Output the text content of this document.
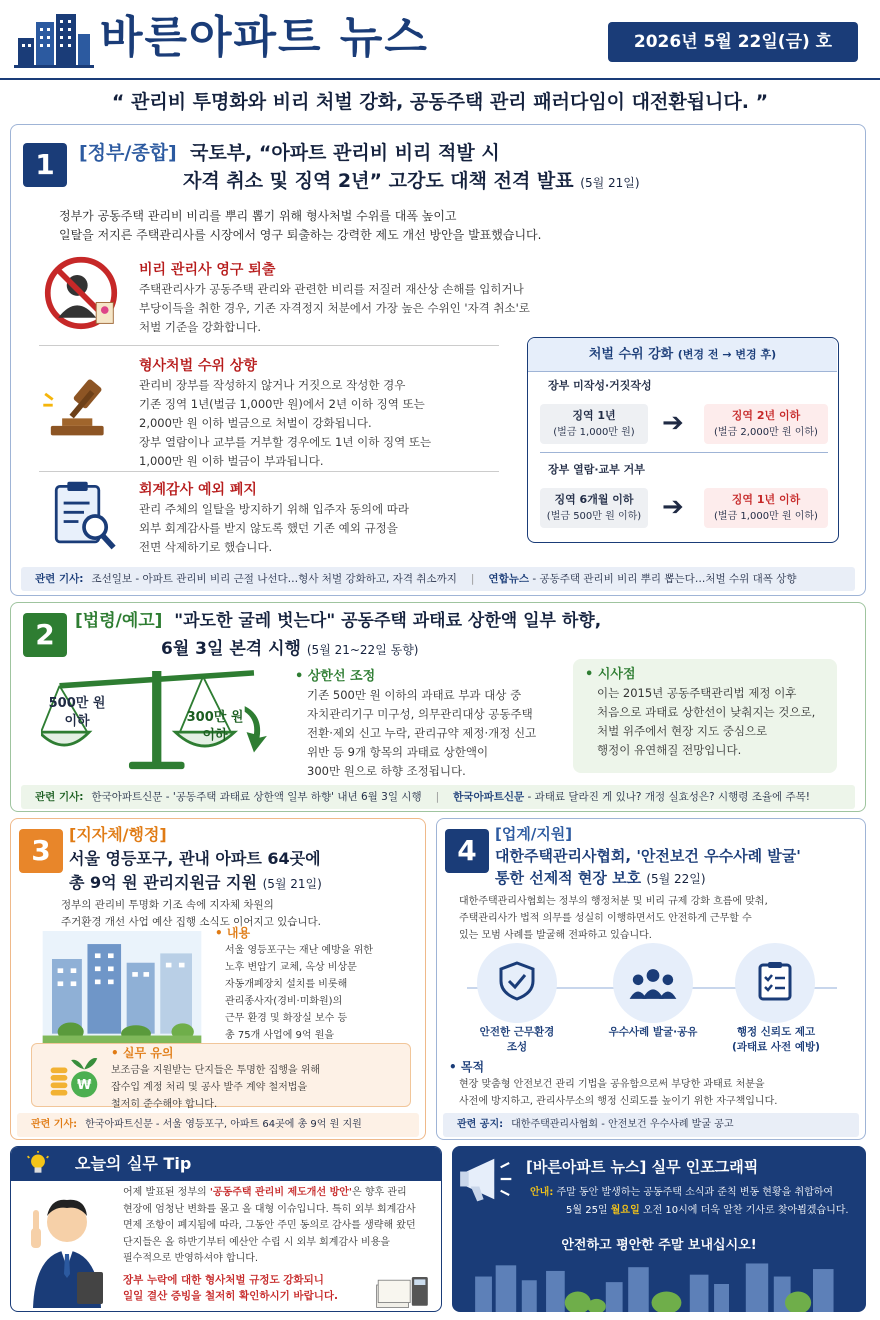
바른아파트 뉴스	2026년 5월 22일(금) 호
“ 관리비 투명화와 비리 처벌 강화, 공동주택 관리 패러다임이 대전환됩니다. ”
1	[정부/종합] 국토부, “아파트 관리비 비리 적발 시
자격 취소 및 징역 2년” 고강도 대책 전격 발표 (5월 21일)
정부가 공동주택 관리비 비리를 뿌리 뽑기 위해 형사처벌 수위를 대폭 높이고
일탈을 저지른 주택관리사를 시장에서 영구 퇴출하는 강력한 제도 개선 방안을 발표했습니다.
비리 관리사 영구 퇴출
주택관리사가 공동주택 관리와 관련한 비리를 저질러 재산상 손해를 입히거나
부당이득을 취한 경우, 기존 자격정지 처분에서 가장 높은 수위인 '자격 취소'로
처벌 기준을 강화합니다.
형사처벌 수위 상향
관리비 장부를 작성하지 않거나 거짓으로 작성한 경우
기존 징역 1년(벌금 1,000만 원)에서 2년 이하 징역 또는
2,000만 원 이하 벌금으로 처벌이 강화됩니다.
장부 열람이나 교부를 거부할 경우에도 1년 이하 징역 또는
1,000만 원 이하 벌금이 부과됩니다.
회계감사 예외 폐지
관리 주체의 일탈을 방지하기 위해 입주자 동의에 따라
외부 회계감사를 받지 않도록 했던 기존 예외 규정을
전면 삭제하기로 했습니다.
처벌 수위 강화 (변경 전 → 변경 후)
장부 미작성·거짓작성
징역 1년
(벌금 1,000만 원)	➔	징역 2년 이하
(벌금 2,000만 원 이하)
장부 열람·교부 거부
징역 6개월 이하
(벌금 500만 원 이하) ➔	징역 1년 이하
(벌금 1,000만 원 이하)
관련 기사: 조선일보 - 아파트 관리비 비리 근절 나선다…형사 처벌 강화하고, 자격 취소까지 | 연합뉴스 - 공동주택 관리비 비리 뿌리 뽑는다…처벌 수위 대폭 상향
2	[법령/예고] "과도한 굴레 벗는다" 공동주택 과태료 상한액 일부 하향,
6월 3일 본격 시행 (5월 21~22일 동향)
500만 원
이하	300만 원
이하
• 상한선 조정
기존 500만 원 이하의 과태료 부과 대상 중
자치관리기구 미구성, 의무관리대상 공동주택
전환·제외 신고 누락, 관리규약 제정·개정 신고
위반 등 9개 항목의 과태료 상한액이
300만 원으로 하향 조정됩니다.
• 시사점
이는 2015년 공동주택관리법 제정 이후
처음으로 과태료 상한선이 낮춰지는 것으로,
처벌 위주에서 현장 지도 중심으로
행정이 유연해질 전망입니다.
관련 기사: 한국아파트신문 - '공동주택 과태료 상한액 일부 하향' 내년 6월 3일 시행 | 한국아파트신문 - 과태료 달라진 게 있나? 개정 실효성은? 시행령 조율에 주목!
3	[지자체/행정]
서울 영등포구, 관내 아파트 64곳에
총 9억 원 관리지원금 지원 (5월 21일)
정부의 관리비 투명화 기조 속에 지자체 차원의
주거환경 개선 사업 예산 집행 소식도 이어지고 있습니다.
• 내용
서울 영등포구는 재난 예방을 위한
노후 변압기 교체, 옥상 비상문
자동개폐장치 설치를 비롯해
관리종사자(경비·미화원)의
근무 환경 및 화장실 보수 등
총 75개 사업에 9억 원을
₩
• 실무 유의
보조금을 지원받는 단지들은 투명한 집행을 위해
잡수입 계정 처리 및 공사 발주 계약 철저법을
철저히 준수해야 합니다.
관련 기사: 한국아파트신문 - 서울 영등포구, 아파트 64곳에 총 9억 원 지원
4	[업계/지원]
대한주택관리사협회, '안전보건 우수사례 발굴'
통한 선제적 현장 보호 (5월 22일)
대한주택관리사협회는 정부의 행정처분 및 비리 규제 강화 흐름에 맞춰,
주택관리사가 법적 의무를 성실히 이행하면서도 안전하게 근무할 수
있는 모범 사례를 발굴해 전파하고 있습니다.
안전한 근무환경
조성
우수사례 발굴·공유	행정 신뢰도 제고
(과태료 사전 예방)
• 목적
현장 맞춤형 안전보건 관리 기법을 공유함으로써 부당한 과태료 처분을
사전에 방지하고, 관리사무소의 행정 신뢰도를 높이기 위한 자구책입니다.
관련 공지: 대한주택관리사협회 - 안전보건 우수사례 발굴 공고
오늘의 실무 Tip
어제 발표된 정부의 '공동주택 관리비 제도개선 방안'은 향후 관리
현장에 엄청난 변화를 몰고 올 대형 이슈입니다. 특히 외부 회계감사
면제 조항이 폐지됨에 따라, 그동안 주민 동의로 감사를 생략해 왔던
단지들은 올 하반기부터 예산안 수립 시 외부 회계감사 비용을
필수적으로 반영하셔야 합니다.
장부 누락에 대한 형사처벌 규정도 강화되니
일일 결산 증빙을 철저히 확인하시기 바랍니다.
[바른아파트 뉴스] 실무 인포그래픽
안내: 주말 동안 발생하는 공동주택 소식과 준칙 변동 현황을 취합하여
5월 25일 월요일 오전 10시에 더욱 알찬 기사로 찾아뵙겠습니다.
안전하고 평안한 주말 보내십시오!
